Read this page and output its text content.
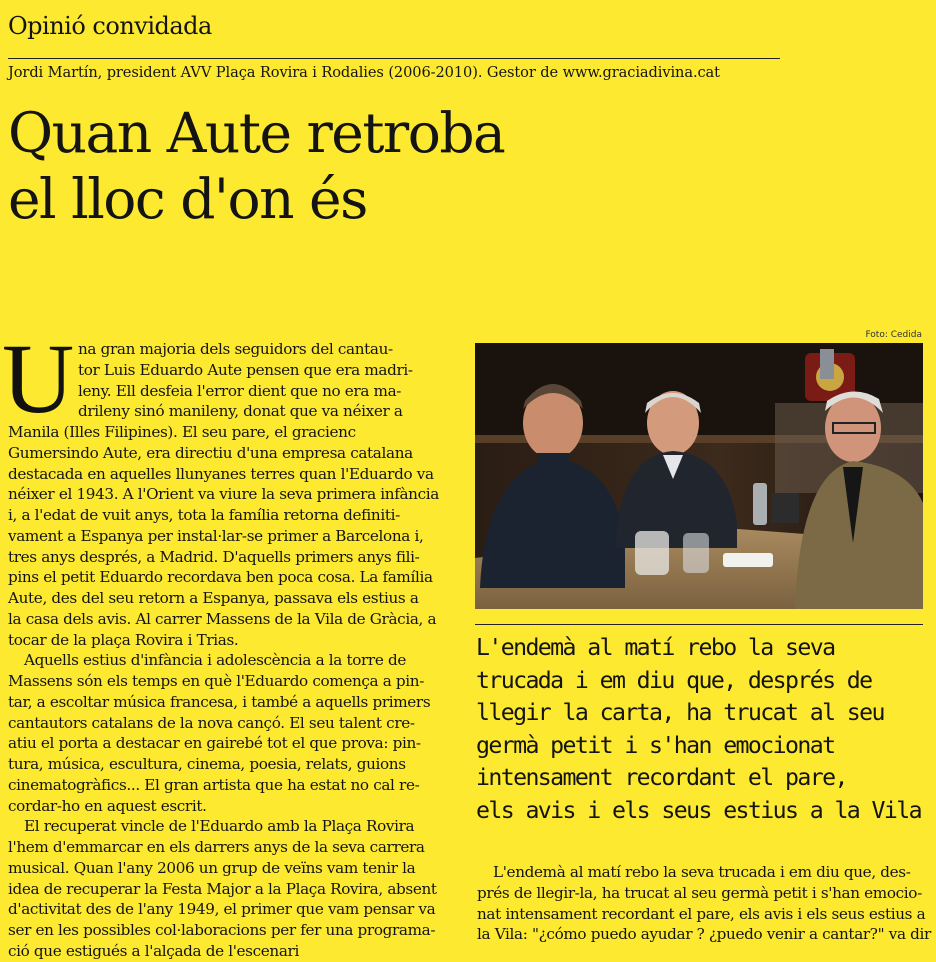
Opinió convidada
Jordi Martín, president AVV Plaça Rovira i Rodalies (2006-2010). Gestor de www.graciadivina.cat
Quan Aute retroba
el lloc d'on és
U na gran majoria dels seguidors del cantau-
tor Luis Eduardo Aute pensen que era madri-
leny. Ell desfeia l'error dient que no era ma-
drileny sinó manileny, donat que va néixer a
Manila (Illes Filipines). El seu pare, el gracienc
Gumersindo Aute, era directiu d'una empresa catalana
destacada en aquelles llunyanes terres quan l'Eduardo va
néixer el 1943. A l'Orient va viure la seva primera infància
i, a l'edat de vuit anys, tota la família retorna definiti-
vament a Espanya per instal·lar-se primer a Barcelona i,
tres anys després, a Madrid. D'aquells primers anys fili-
pins el petit Eduardo recordava ben poca cosa. La família
Aute, des del seu retorn a Espanya, passava els estius a
la casa dels avis. Al carrer Massens de la Vila de Gràcia, a
tocar de la plaça Rovira i Trias.
Aquells estius d'infància i adolescència a la torre de
Massens són els temps en què l'Eduardo comença a pin-
tar, a escoltar música francesa, i també a aquells primers
cantautors catalans de la nova cançó. El seu talent cre-
atiu el porta a destacar en gairebé tot el que prova: pin-
tura, música, escultura, cinema, poesia, relats, guions
cinematogràfics... El gran artista que ha estat no cal re-
cordar-ho en aquest escrit.
El recuperat vincle de l'Eduardo amb la Plaça Rovira
l'hem d'emmarcar en els darrers anys de la seva carrera
musical. Quan l'any 2006 un grup de veïns vam tenir la
idea de recuperar la Festa Major a la Plaça Rovira, absent
d'activitat des de l'any 1949, el primer que vam pensar va
ser en les possibles col·laboracions per fer una programa-
ció que estigués a l'alçada de l'escenari
Foto: Cedida
L'endemà al matí rebo la seva
trucada i em diu que, després de
llegir la carta, ha trucat al seu
germà petit i s'han emocionat
intensament recordant el pare,
els avis i els seus estius a la Vila
L'endemà al matí rebo la seva trucada i em diu que, des-
prés de llegir-la, ha trucat al seu germà petit i s'han emocio-
nat intensament recordant el pare, els avis i els seus estius a
la Vila: "¿cómo puedo ayudar ? ¿puedo venir a cantar?" va dir
